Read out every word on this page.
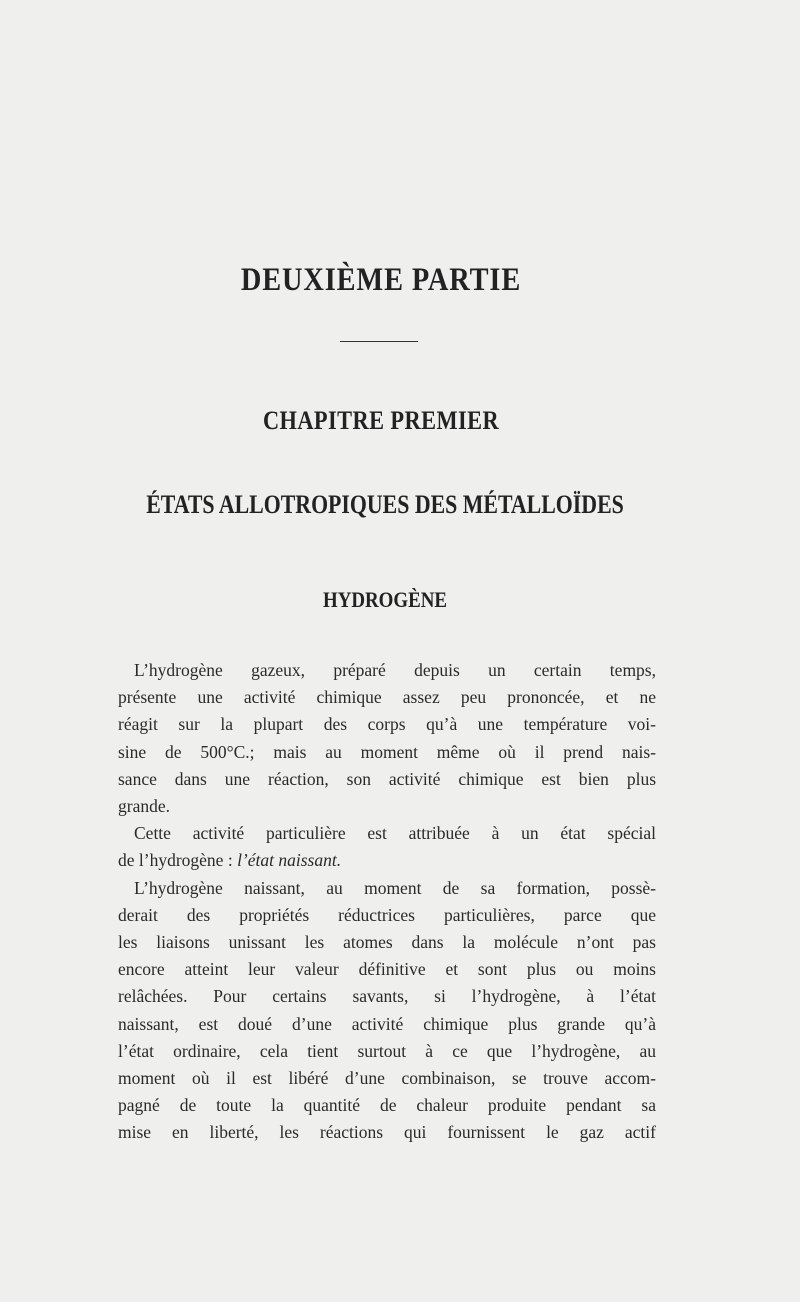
DEUXIÈME PARTIE
CHAPITRE PREMIER
ÉTATS ALLOTROPIQUES DES MÉTALLOÏDES
HYDROGÈNE
L’hydrogène gazeux, préparé depuis un certain temps,
présente une activité chimique assez peu prononcée, et ne
réagit sur la plupart des corps qu’à une température voi-
sine de 500°C.; mais au moment même où il prend nais-
sance dans une réaction, son activité chimique est bien plus
grande.
Cette activité particulière est attribuée à un état spécial
de l’hydrogène : l’état naissant.
L’hydrogène naissant, au moment de sa formation, possè-
derait des propriétés réductrices particulières, parce que
les liaisons unissant les atomes dans la molécule n’ont pas
encore atteint leur valeur définitive et sont plus ou moins
relâchées. Pour certains savants, si l’hydrogène, à l’état
naissant, est doué d’une activité chimique plus grande qu’à
l’état ordinaire, cela tient surtout à ce que l’hydrogène, au
moment où il est libéré d’une combinaison, se trouve accom-
pagné de toute la quantité de chaleur produite pendant sa
mise en liberté, les réactions qui fournissent le gaz actif
